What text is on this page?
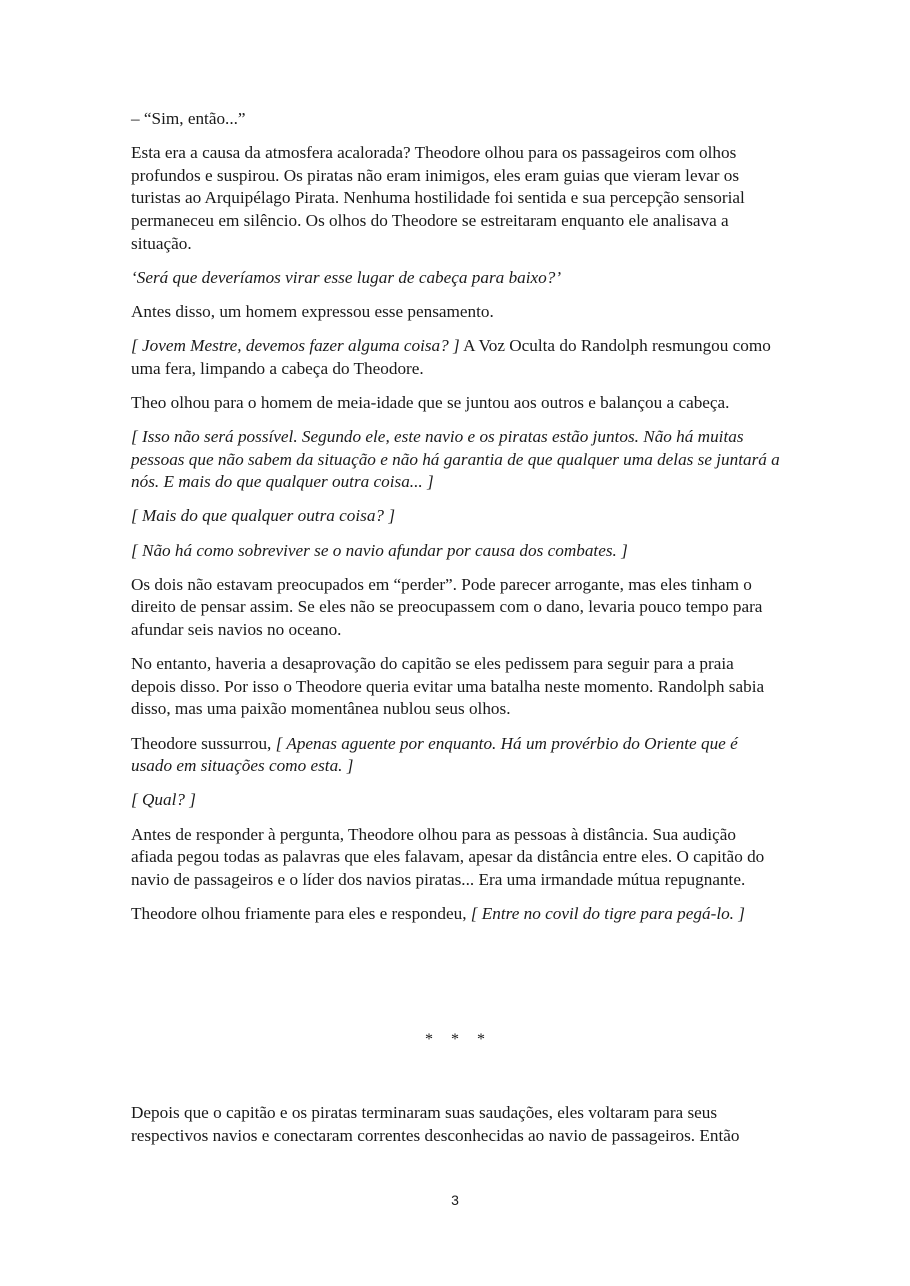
– “Sim, então...”

Esta era a causa da atmosfera acalorada? Theodore olhou para os passageiros com olhos profundos e suspirou. Os piratas não eram inimigos, eles eram guias que vieram levar os turistas ao Arquipélago Pirata. Nenhuma hostilidade foi sentida e sua percepção sensorial permaneceu em silêncio. Os olhos do Theodore se estreitaram enquanto ele analisava a situação.

‘Será que deveríamos virar esse lugar de cabeça para baixo?’

Antes disso, um homem expressou esse pensamento.

[ Jovem Mestre, devemos fazer alguma coisa? ] A Voz Oculta do Randolph resmungou como uma fera, limpando a cabeça do Theodore.

Theo olhou para o homem de meia-idade que se juntou aos outros e balançou a cabeça.

[ Isso não será possível. Segundo ele, este navio e os piratas estão juntos. Não há muitas pessoas que não sabem da situação e não há garantia de que qualquer uma delas se juntará a nós. E mais do que qualquer outra coisa... ]

[ Mais do que qualquer outra coisa? ]

[ Não há como sobreviver se o navio afundar por causa dos combates. ]

Os dois não estavam preocupados em “perder”. Pode parecer arrogante, mas eles tinham o direito de pensar assim. Se eles não se preocupassem com o dano, levaria pouco tempo para afundar seis navios no oceano.

No entanto, haveria a desaprovação do capitão se eles pedissem para seguir para a praia depois disso. Por isso o Theodore queria evitar uma batalha neste momento. Randolph sabia disso, mas uma paixão momentânea nublou seus olhos.

Theodore sussurrou, [ Apenas aguente por enquanto. Há um provérbio do Oriente que é usado em situações como esta. ]

[ Qual? ]

Antes de responder à pergunta, Theodore olhou para as pessoas à distância. Sua audição afiada pegou todas as palavras que eles falavam, apesar da distância entre eles. O capitão do navio de passageiros e o líder dos navios piratas... Era uma irmandade mútua repugnante.

Theodore olhou friamente para eles e respondeu, [ Entre no covil do tigre para pegá-lo. ]

* * *

Depois que o capitão e os piratas terminaram suas saudações, eles voltaram para seus respectivos navios e conectaram correntes desconhecidas ao navio de passageiros. Então

3
